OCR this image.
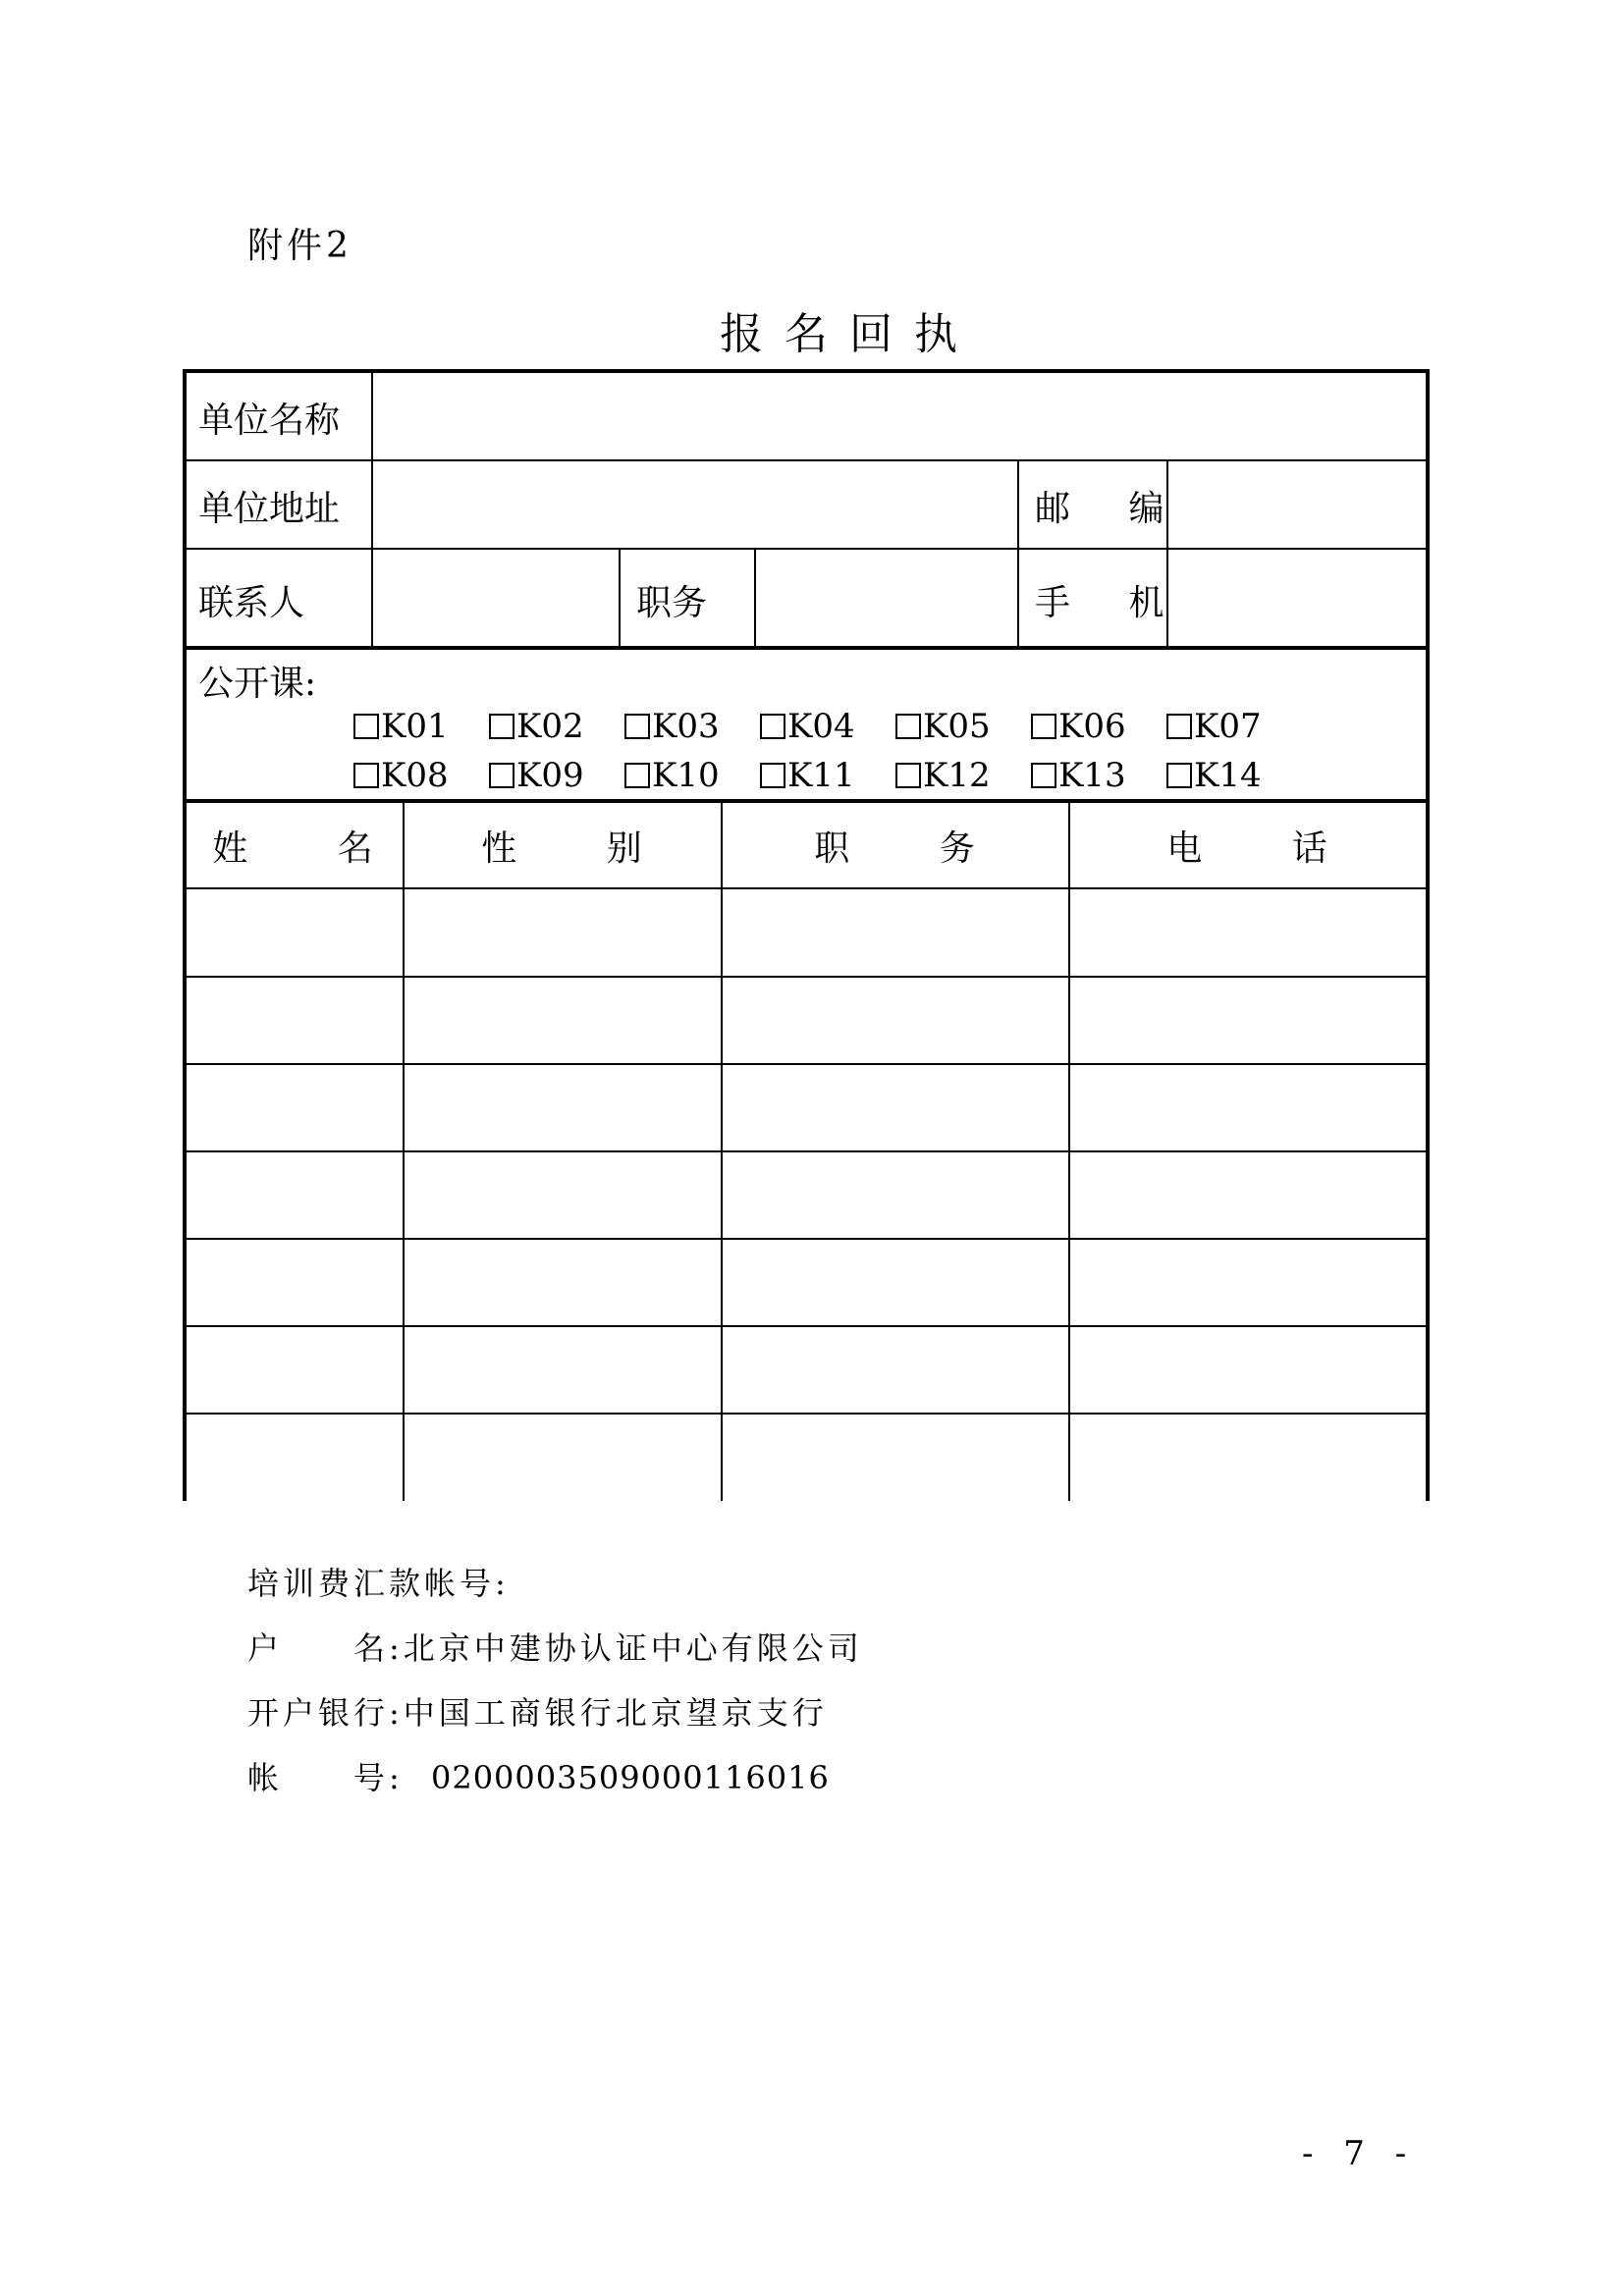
附件2
报名回执
单位名称
单位地址	邮 编
联系人	职务	手 机
公开课:
K01 K02 K03 K04 K05 K06 K07
K08 K09 K10 K11 K12 K13 K14
姓 名	性 别	职 务	电 话
培训费汇款帐号:
户　　名:北京中建协认证中心有限公司
开户银行:中国工商银行北京望京支行
帐　　号: 0200003509000116016
- 7 -
